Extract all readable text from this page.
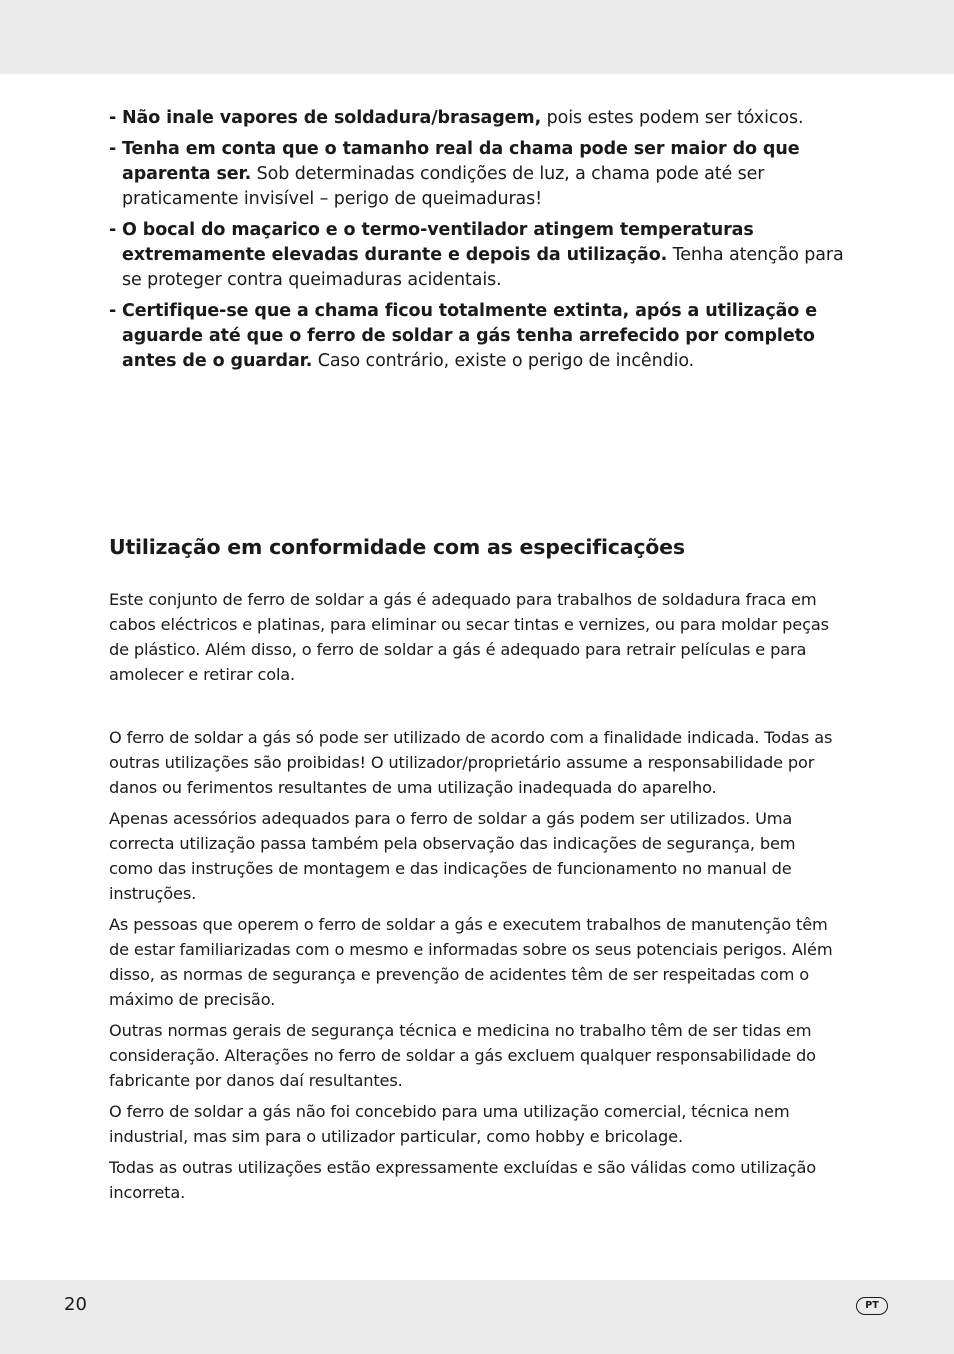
- Não inale vapores de soldadura/brasagem, pois estes podem ser tóxicos.
- Tenha em conta que o tamanho real da chama pode ser maior do que aparenta ser. Sob determinadas condições de luz, a chama pode até ser praticamente invisível – perigo de queimaduras!
- O bocal do maçarico e o termo-ventilador atingem temperaturas extremamente elevadas durante e depois da utilização. Tenha atenção para se proteger contra queimaduras acidentais.
- Certifique-se que a chama ficou totalmente extinta, após a utilização e aguarde até que o ferro de soldar a gás tenha arrefecido por completo antes de o guardar. Caso contrário, existe o perigo de incêndio.
Utilização em conformidade com as especificações

Este conjunto de ferro de soldar a gás é adequado para trabalhos de soldadura fraca em cabos eléctricos e platinas, para eliminar ou secar tintas e vernizes, ou para moldar peças de plástico. Além disso, o ferro de soldar a gás é adequado para retrair películas e para amolecer e retirar cola.

O ferro de soldar a gás só pode ser utilizado de acordo com a finalidade indicada. Todas as outras utilizações são proibidas! O utilizador/proprietário assume a responsabilidade por danos ou ferimentos resultantes de uma utilização inadequada do aparelho.

Apenas acessórios adequados para o ferro de soldar a gás podem ser utilizados. Uma correcta utilização passa também pela observação das indicações de segurança, bem como das instruções de montagem e das indicações de funcionamento no manual de instruções.

As pessoas que operem o ferro de soldar a gás e executem trabalhos de manutenção têm de estar familiarizadas com o mesmo e informadas sobre os seus potenciais perigos. Além disso, as normas de segurança e prevenção de acidentes têm de ser respeitadas com o máximo de precisão.

Outras normas gerais de segurança técnica e medicina no trabalho têm de ser tidas em consideração. Alterações no ferro de soldar a gás excluem qualquer responsabilidade do fabricante por danos daí resultantes.

O ferro de soldar a gás não foi concebido para uma utilização comercial, técnica nem industrial, mas sim para o utilizador particular, como hobby e bricolage.

Todas as outras utilizações estão expressamente excluídas e são válidas como utilização incorreta.

20	PT
